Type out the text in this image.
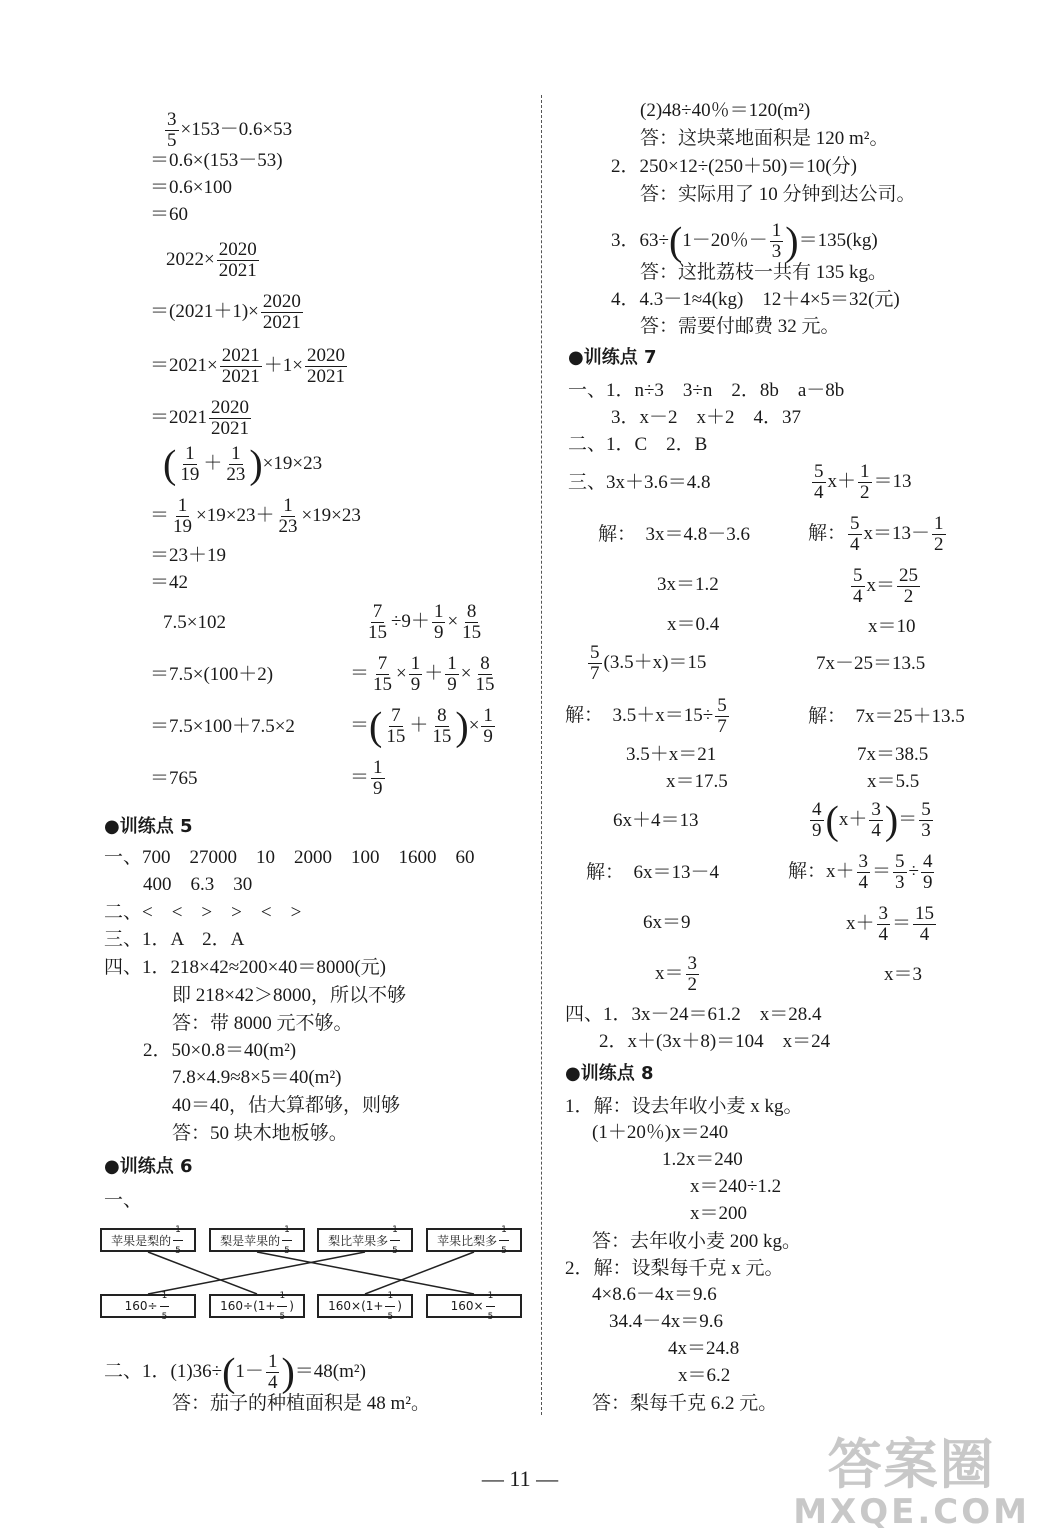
$\frac{3}{5} \times 153-0.6\times 53$
＝0.6×(153－53)
＝0.6×100
＝60
$2022\times \frac{2020}{2021}$
$=(2021+1)\times \frac{2020}{2021}$
$=2021\times \frac{2021}{2021} +1\times \frac{2020}{2021}$
$=2021 \frac{2020}{2021}$
( $\frac{1}{19} + \frac{1}{23} )\times 19\times 23$
＝ $\frac{1}{19} \times 19\times 23+ \frac{1}{23} \times 19\times 23$
＝23＋19
＝42
7.5×102
＝7.5×(100＋2)
＝7.5×100＋7.5×2
＝765
$\frac{7}{15} \div 9+ \frac{1}{9} \times \frac{8}{15}$
＝ $\frac{7}{15} \times \frac{1}{9} + \frac{1}{9} \times \frac{8}{15}$
＝( $\frac{7}{15} + \frac{8}{15}$ )× $\frac{1}{9}$
＝ $\frac{1}{9}$
●训练点 5
一、700　27000　10　2000　100　1600　60
400　6.3　30
二、<　<　>　>　<　>
三、1．A　2．A
四、1．218×42≈200×40＝8000(元)
即 218×42＞8000，所以不够
答：带 8000 元不够。
2．50×0.8＝40(m²)
7.8×4.9≈8×5＝40(m²)
40＝40，估大算都够，则够
答：50 块木地板够。
●训练点 6
一、
苹果是梨的 $\frac{1}{5}$	梨是苹果的 $\frac{1}{5}$	梨比苹果多 $\frac{1}{5}$	苹果比梨多 $\frac{1}{5}$
$160\div \frac{1}{5}$	$160\div(1+ \frac{1}{5}$ )	$160\times(1+ \frac{1}{5}$ )	$160\times \frac{1}{5}$
二、1．$(1)36\div(1- \frac{1}{4} )=48(m^2)$
答：茄子的种植面积是 48 m²。
(2)48÷40％＝120(m²)
答：这块菜地面积是 120 m²。
2．250×12÷(250＋50)＝10(分)
答：实际用了 10 分钟到达公司。
3．63÷(1－20％－ $\frac{1}{3} )=135(kg)$
答：这批荔枝一共有 135 kg。
4．4.3－1≈4(kg)　12＋4×5＝32(元)
答：需要付邮费 32 元。
●训练点 7
一、1．n÷3　3÷n　2．8b　a－8b
3．x－2　x＋2　4．37
二、1．C　2．B
三、3x＋3.6＝4.8
解：　3x＝4.8－3.6
3x＝1.2
x＝0.4
$\frac{5}{4} x+ \frac{1}{2} =13$
解： $\frac{5}{4} x=13- \frac{1}{2}$
$\frac{5}{4} x= \frac{25}{2}$
x＝10
$\frac{5}{7} (3.5+x)=15$
解：　$3.5+x=15\div \frac{5}{7}$
3.5＋x＝21
x＝17.5
7x－25＝13.5
解：　7x＝25＋13.5
7x＝38.5
x＝5.5
6x＋4＝13
解：　6x＝13－4
6x＝9
$x= \frac{3}{2}$
$\frac{4}{9} (x+ \frac{3}{4}$ )＝ $\frac{5}{3}$
解：$x+ \frac{3}{4} = \frac{5}{3} \div \frac{4}{9}$
$x+ \frac{3}{4} = \frac{15}{4}$
x＝3
四、1．3x－24＝61.2　x＝28.4
2．x＋(3x＋8)＝104　x＝24
●训练点 8
1．解：设去年收小麦 x kg。
(1＋20％)x＝240
1.2x＝240
x＝240÷1.2
x＝200
答：去年收小麦 200 kg。
2．解：设梨每千克 x 元。
4×8.6－4x＝9.6
34.4－4x＝9.6
4x＝24.8
x＝6.2
答：梨每千克 6.2 元。
— 11 —	答案圈
MXQE.COM
